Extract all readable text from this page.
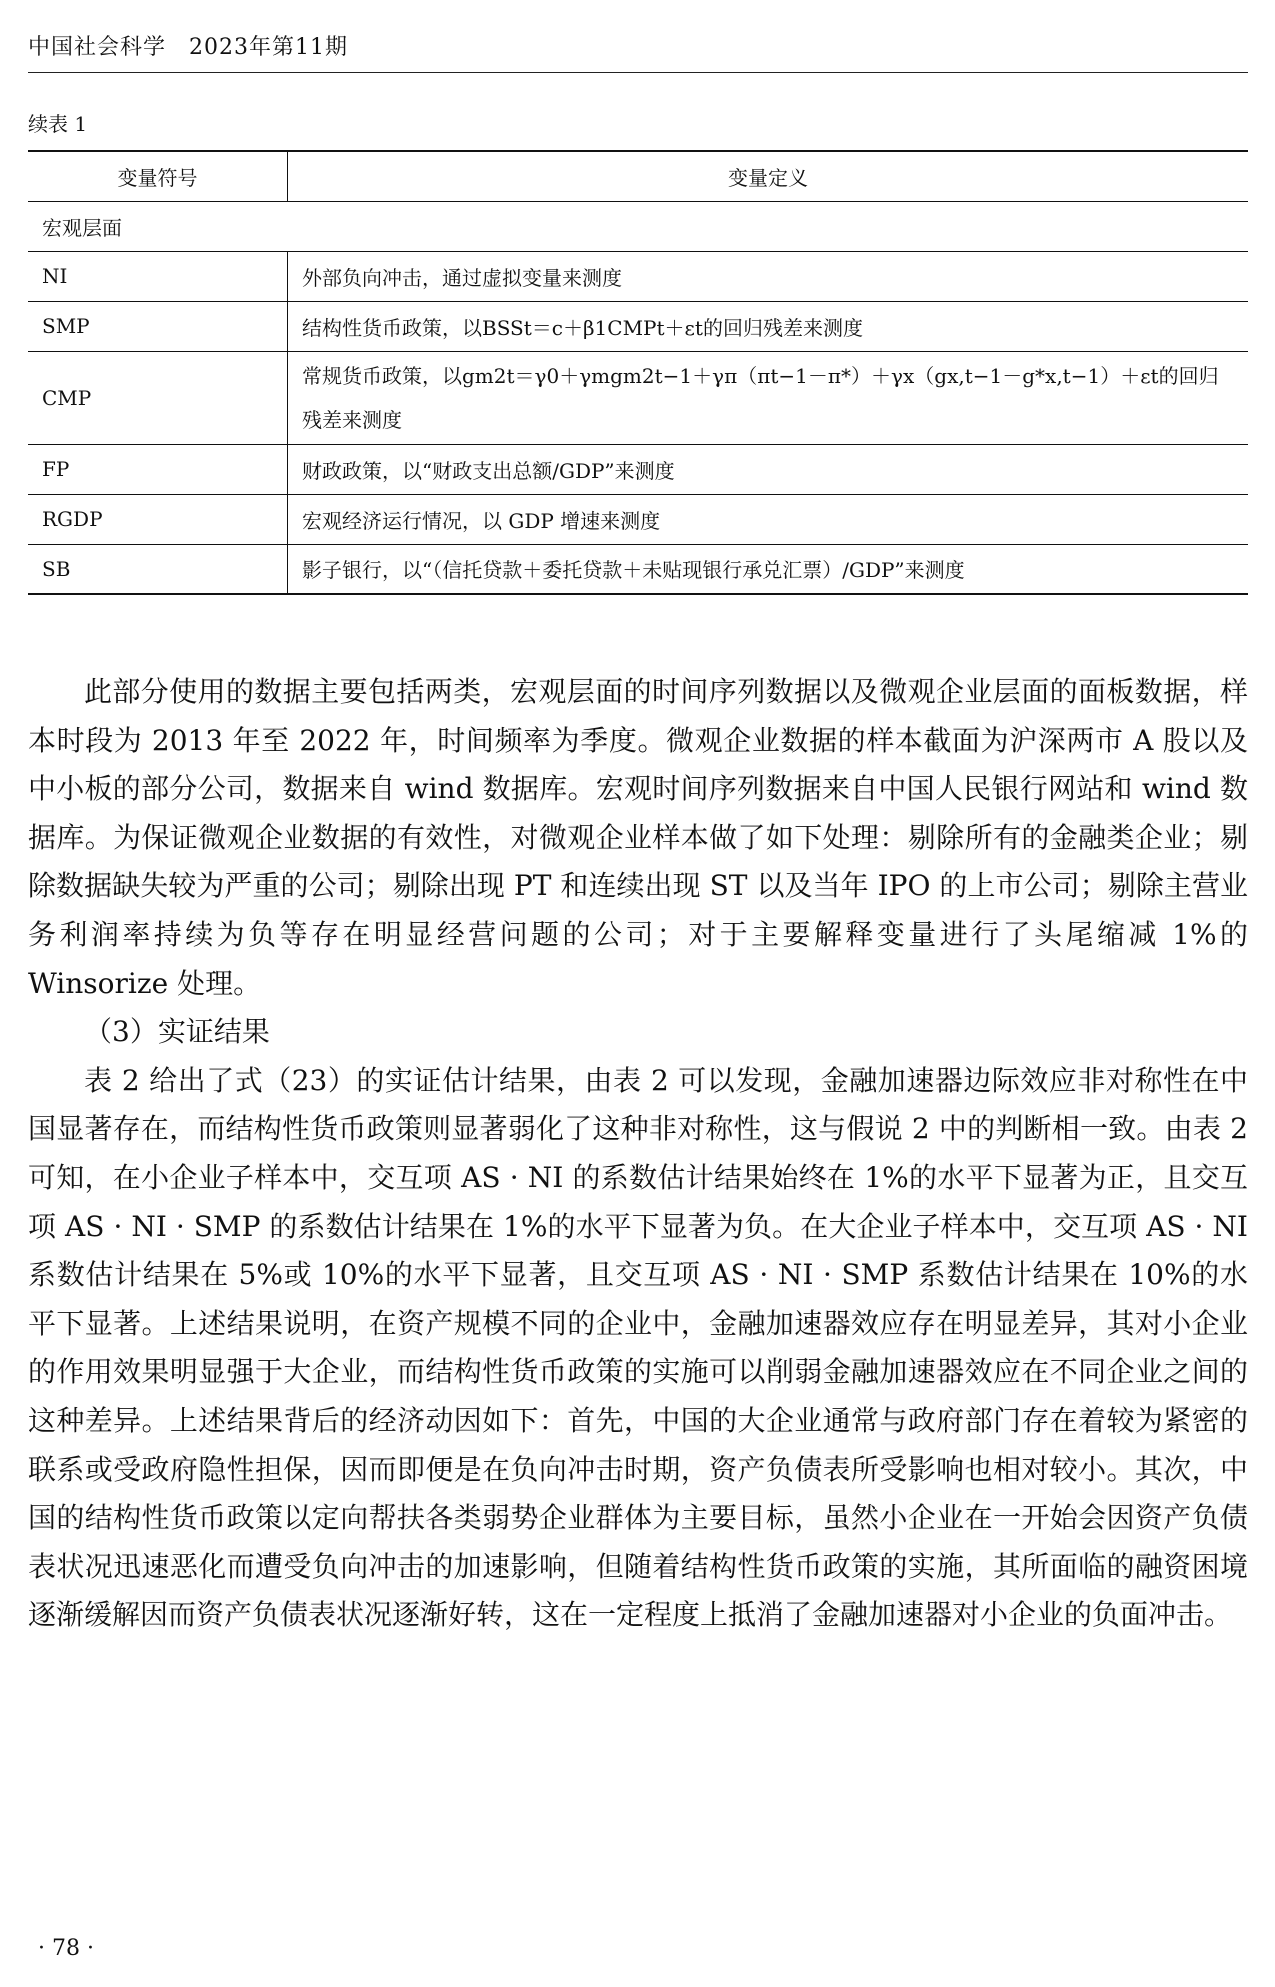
中国社会科学　2023年第11期
续表 1
变量符号	变量定义
宏观层面	
NI	外部负向冲击，通过虚拟变量来测度
SMP	结构性货币政策，以BSSt＝c＋β1CMPt＋εt的回归残差来测度
CMP	常规货币政策，以gm2t＝γ0＋γmgm2t−1＋γπ（πt−1－π*）＋γx（gx,t−1－g*x,t−1）＋εt的回归残差来测度
FP	财政政策，以“财政支出总额/GDP”来测度
RGDP	宏观经济运行情况，以 GDP 增速来测度
SB	影子银行，以“（信托贷款＋委托贷款＋未贴现银行承兑汇票）/GDP”来测度

此部分使用的数据主要包括两类，宏观层面的时间序列数据以及微观企业层面的面板数据，样本时段为 2013 年至 2022 年，时间频率为季度。微观企业数据的样本截面为沪深两市 A 股以及中小板的部分公司，数据来自 wind 数据库。宏观时间序列数据来自中国人民银行网站和 wind 数据库。为保证微观企业数据的有效性，对微观企业样本做了如下处理：剔除所有的金融类企业；剔除数据缺失较为严重的公司；剔除出现 PT 和连续出现 ST 以及当年 IPO 的上市公司；剔除主营业务利润率持续为负等存在明显经营问题的公司；对于主要解释变量进行了头尾缩减 1%的 Winsorize 处理。

（3）实证结果

表 2 给出了式（23）的实证估计结果，由表 2 可以发现，金融加速器边际效应非对称性在中国显著存在，而结构性货币政策则显著弱化了这种非对称性，这与假说 2 中的判断相一致。由表 2 可知，在小企业子样本中，交互项 AS · NI 的系数估计结果始终在 1%的水平下显著为正，且交互项 AS · NI · SMP 的系数估计结果在 1%的水平下显著为负。在大企业子样本中，交互项 AS · NI 系数估计结果在 5%或 10%的水平下显著，且交互项 AS · NI · SMP 系数估计结果在 10%的水平下显著。上述结果说明，在资产规模不同的企业中，金融加速器效应存在明显差异，其对小企业的作用效果明显强于大企业，而结构性货币政策的实施可以削弱金融加速器效应在不同企业之间的这种差异。上述结果背后的经济动因如下：首先，中国的大企业通常与政府部门存在着较为紧密的联系或受政府隐性担保，因而即便是在负向冲击时期，资产负债表所受影响也相对较小。其次，中国的结构性货币政策以定向帮扶各类弱势企业群体为主要目标，虽然小企业在一开始会因资产负债表状况迅速恶化而遭受负向冲击的加速影响，但随着结构性货币政策的实施，其所面临的融资困境逐渐缓解因而资产负债表状况逐渐好转，这在一定程度上抵消了金融加速器对小企业的负面冲击。

· 78 ·
